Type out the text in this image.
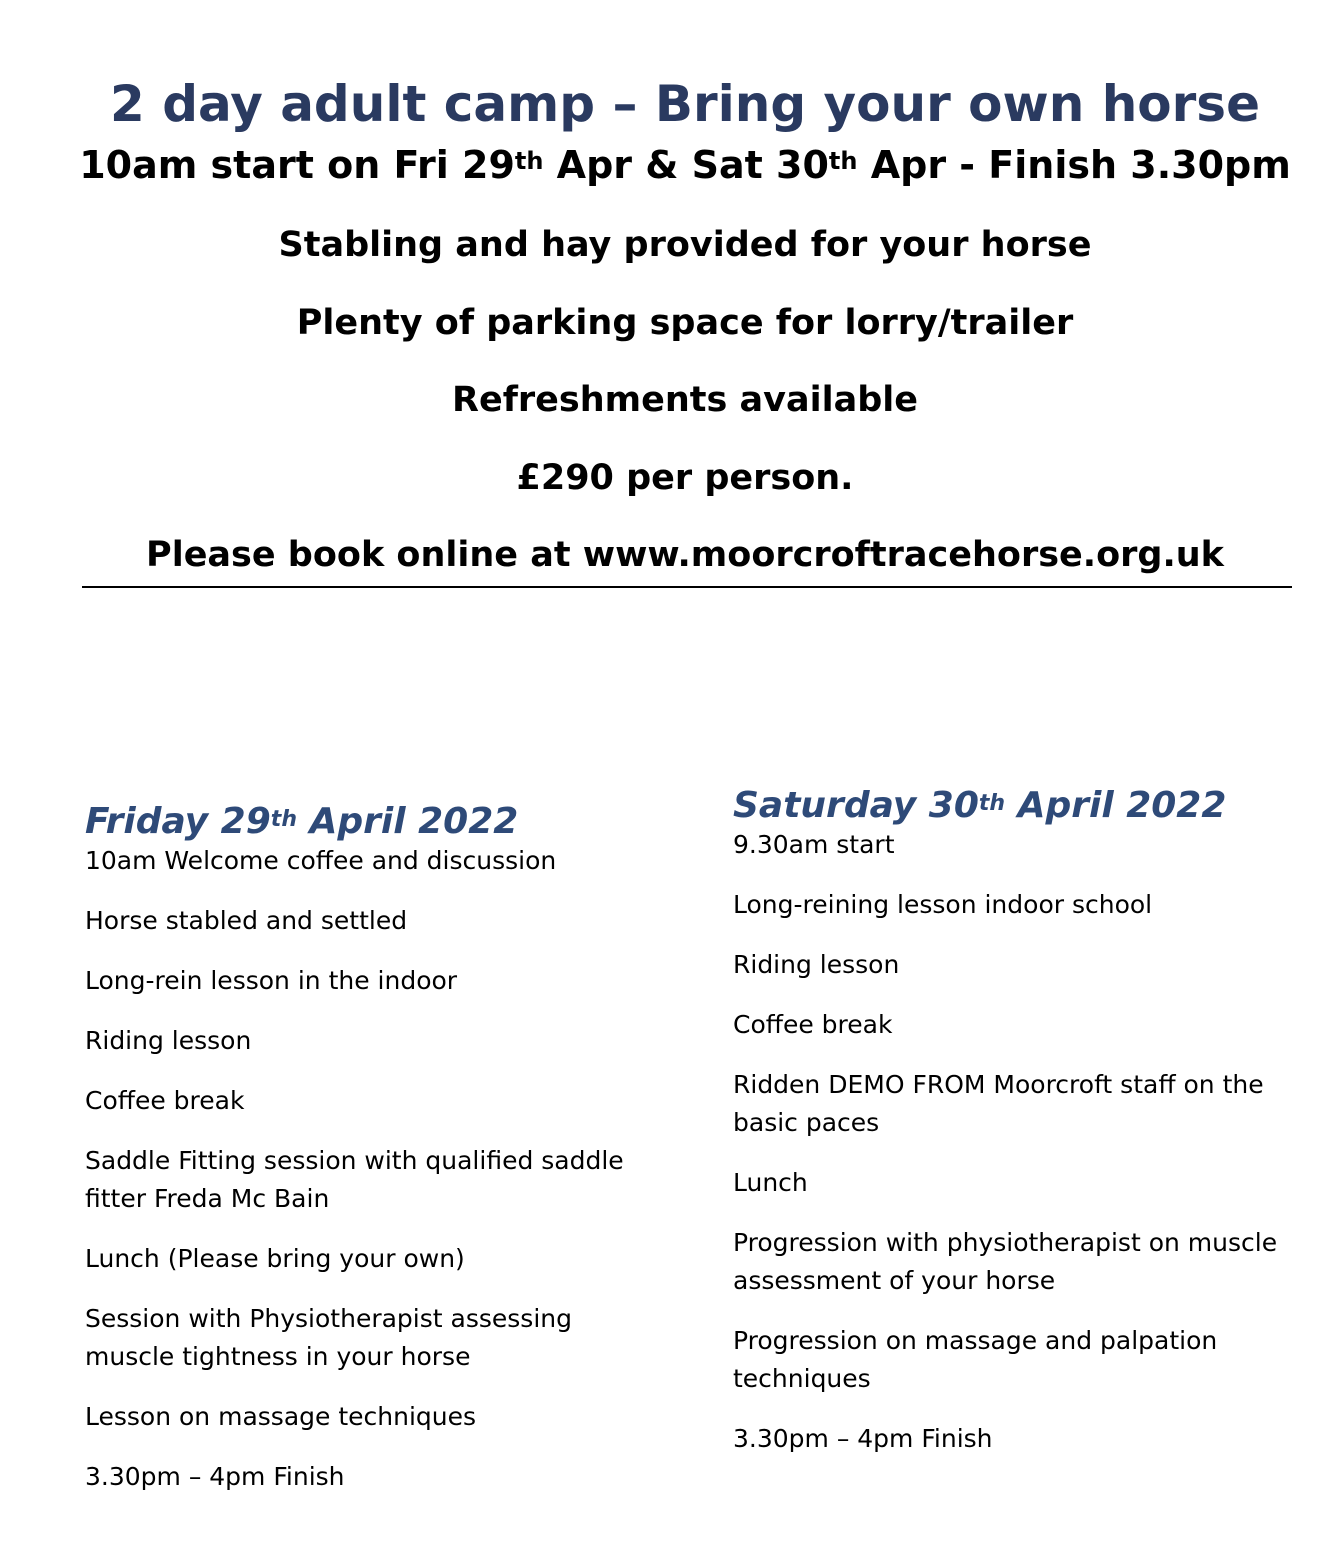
2 day adult camp – Bring your own horse
10am start on Fri 29th Apr & Sat 30th Apr - Finish 3.30pm
Stabling and hay provided for your horse
Plenty of parking space for lorry/trailer
Refreshments available
£290 per person.
Please book online at www.moorcroftracehorse.org.uk
Friday 29th April 2022
10am Welcome coffee and discussion
Horse stabled and settled
Long-rein lesson in the indoor
Riding lesson
Coffee break
Saddle Fitting session with qualified saddle fitter Freda Mc Bain
Lunch (Please bring your own)
Session with Physiotherapist assessing muscle tightness in your horse
Lesson on massage techniques
3.30pm – 4pm Finish
Saturday 30th April 2022
9.30am start
Long-reining lesson indoor school
Riding lesson
Coffee break
Ridden DEMO FROM Moorcroft staff on the basic paces
Lunch
Progression with physiotherapist on muscle assessment of your horse
Progression on massage and palpation techniques
3.30pm – 4pm Finish
